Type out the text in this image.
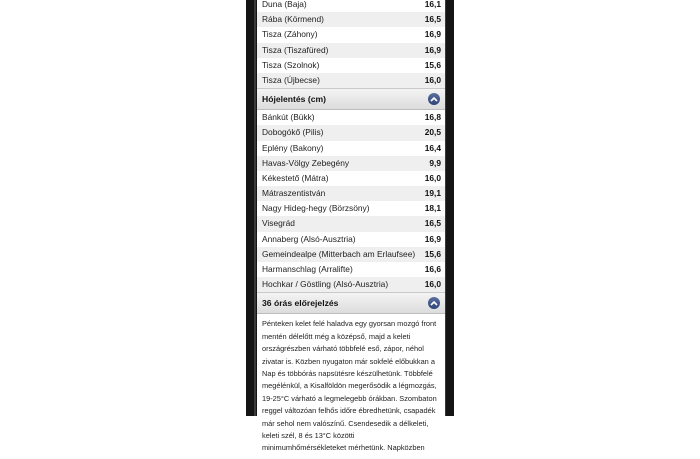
Duna (Baja)	16,1
Rába (Körmend)	16,5
Tisza (Záhony)	16,9
Tisza (Tiszafüred)	16,9
Tisza (Szolnok)	15,6
Tisza (Újbecse)	16,0
Hójelentés (cm)
Bánkút (Bükk)	16,8
Dobogókő (Pilis)	20,5
Eplény (Bakony)	16,4
Havas-Völgy Zebegény	9,9
Kékestető (Mátra)	16,0
Mátraszentistván	19,1
Nagy Hideg-hegy (Börzsöny)	18,1
Visegrád	16,5
Annaberg (Alsó-Ausztria)	16,9
Gemeindealpe (Mitterbach am Erlaufsee) 15,6
Harmanschlag (Arralifte)	16,6
Hochkar / Göstling (Alsó-Ausztria)	16,0
36 órás előrejelzés
Pénteken kelet felé haladva egy gyorsan mozgó front mentén délelőtt még a középső, majd a keleti országrészben várható többfelé eső, zápor, néhol zivatar is. Közben nyugaton már sokfelé előbukkan a Nap és többórás napsütésre készülhetünk. Többfelé megélénkül, a Kisalföldön megerősödik a légmozgás, 19-25°C várható a legmelegebb órákban. Szombaton reggel változóan felhős időre ébredhetünk, csapadék már sehol nem valószínű. Csendesedik a délkeleti, keleti szél, 8 és 13°C közötti minimumhőmérsékleteket mérhetünk. Napközben
